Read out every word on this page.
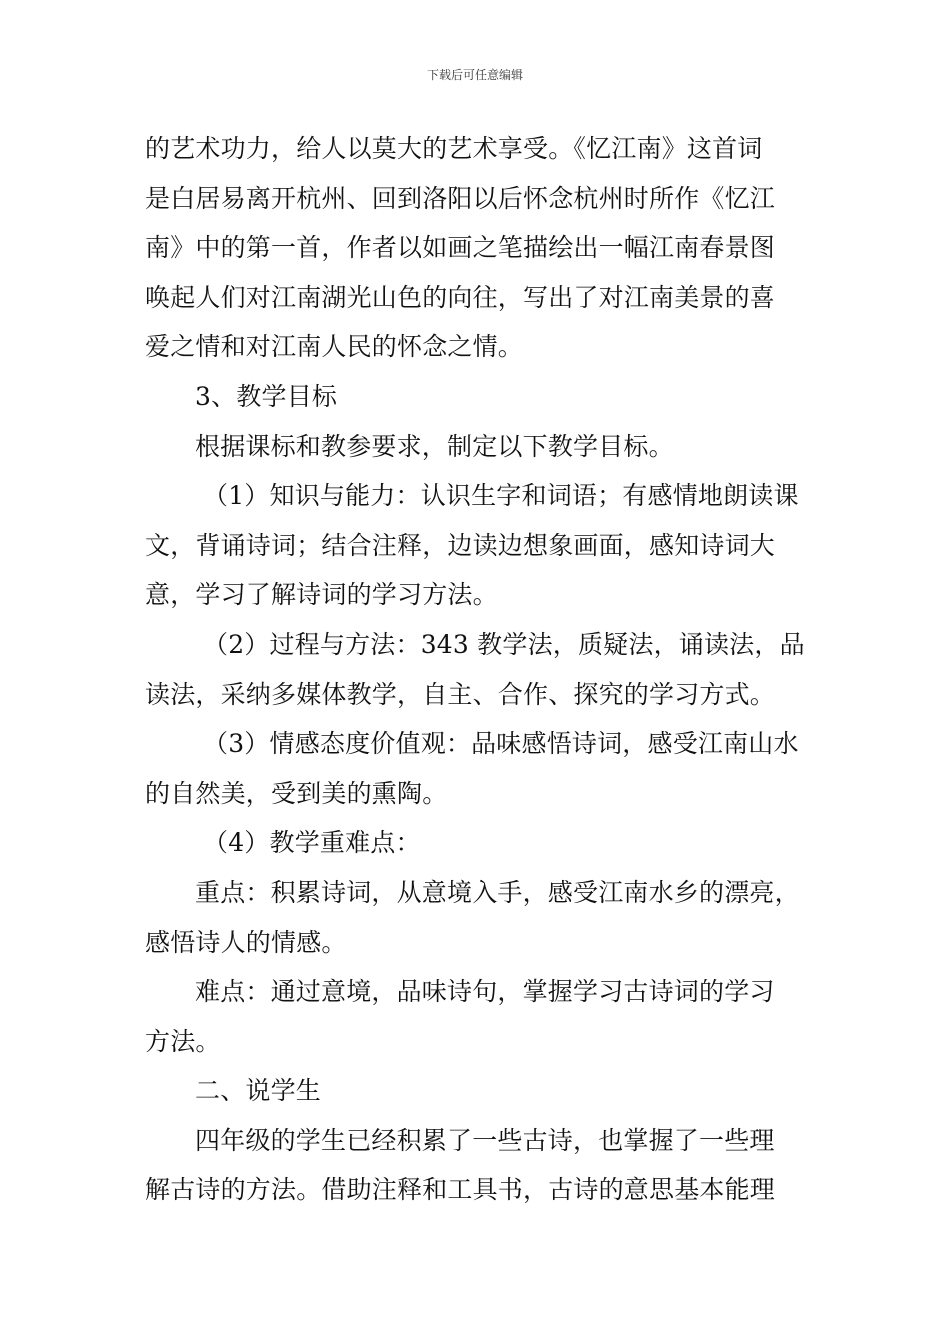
下载后可任意编辑
的艺术功力，给人以莫大的艺术享受。《忆江南》这首词
是白居易离开杭州、回到洛阳以后怀念杭州时所作《忆江
南》中的第一首，作者以如画之笔描绘出一幅江南春景图
唤起人们对江南湖光山色的向往，写出了对江南美景的喜
爱之情和对江南人民的怀念之情。
3、教学目标
根据课标和教参要求，制定以下教学目标。
（1）知识与能力：认识生字和词语；有感情地朗读课
文，背诵诗词；结合注释，边读边想象画面，感知诗词大
意，学习了解诗词的学习方法。
（2）过程与方法：343 教学法，质疑法，诵读法，品
读法，采纳多媒体教学，自主、合作、探究的学习方式。
（3）情感态度价值观：品味感悟诗词，感受江南山水
的自然美，受到美的熏陶。
（4）教学重难点：
重点：积累诗词，从意境入手，感受江南水乡的漂亮，
感悟诗人的情感。
难点：通过意境，品味诗句，掌握学习古诗词的学习
方法。
二、说学生
四年级的学生已经积累了一些古诗，也掌握了一些理
解古诗的方法。借助注释和工具书，古诗的意思基本能理
